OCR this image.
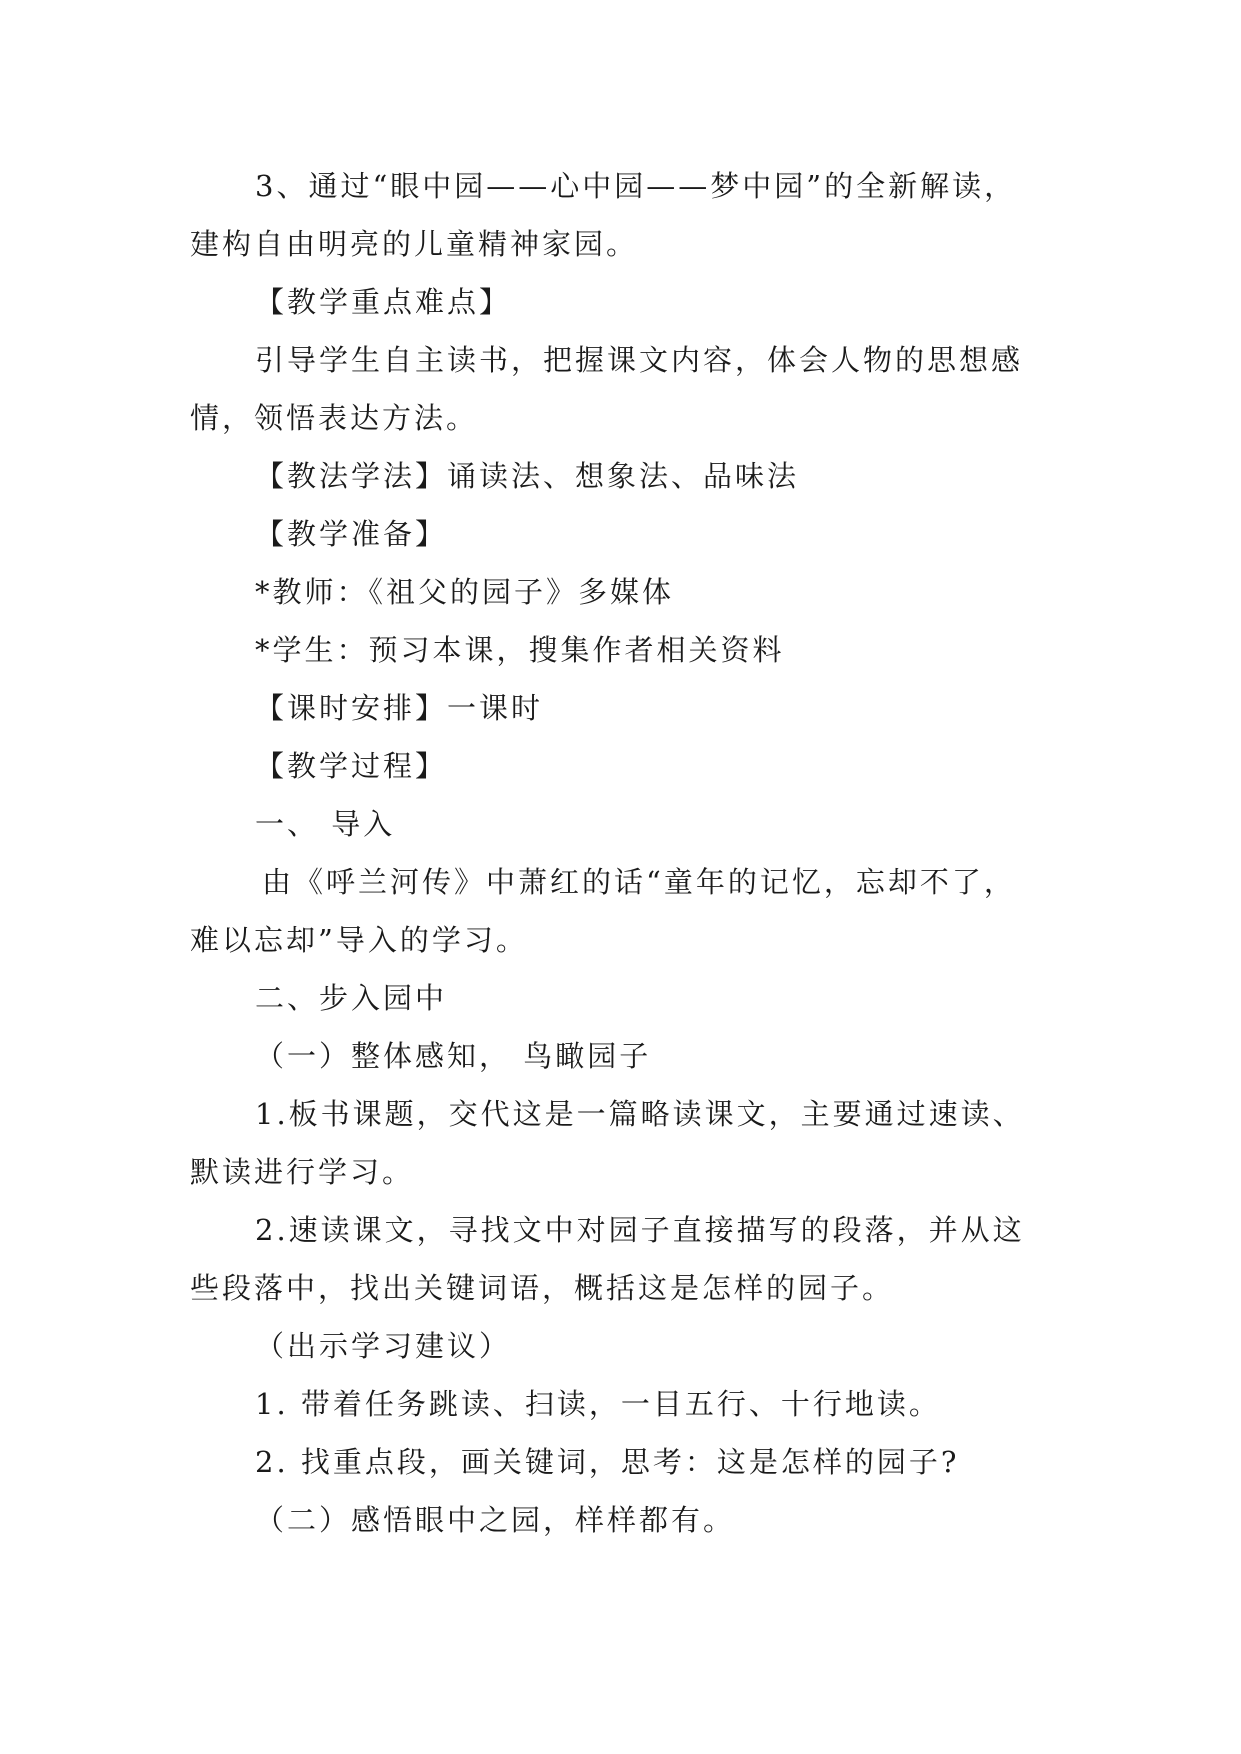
3、通过“眼中园——心中园——梦中园”的全新解读，
建构自由明亮的儿童精神家园。
【教学重点难点】
引导学生自主读书，把握课文内容，体会人物的思想感
情，领悟表达方法。
【教法学法】诵读法、想象法、品味法
【教学准备】
*教师：《祖父的园子》多媒体
*学生：预习本课，搜集作者相关资料
【课时安排】一课时
【教学过程】
一、 导入
由《呼兰河传》中萧红的话“童年的记忆，忘却不了，
难以忘却”导入的学习。
二、步入园中
（一）整体感知， 鸟瞰园子
1.板书课题，交代这是一篇略读课文，主要通过速读、
默读进行学习。
2.速读课文，寻找文中对园子直接描写的段落，并从这
些段落中，找出关键词语，概括这是怎样的园子。
（出示学习建议）
1. 带着任务跳读、扫读，一目五行、十行地读。
2. 找重点段，画关键词，思考：这是怎样的园子?
（二）感悟眼中之园，样样都有。
